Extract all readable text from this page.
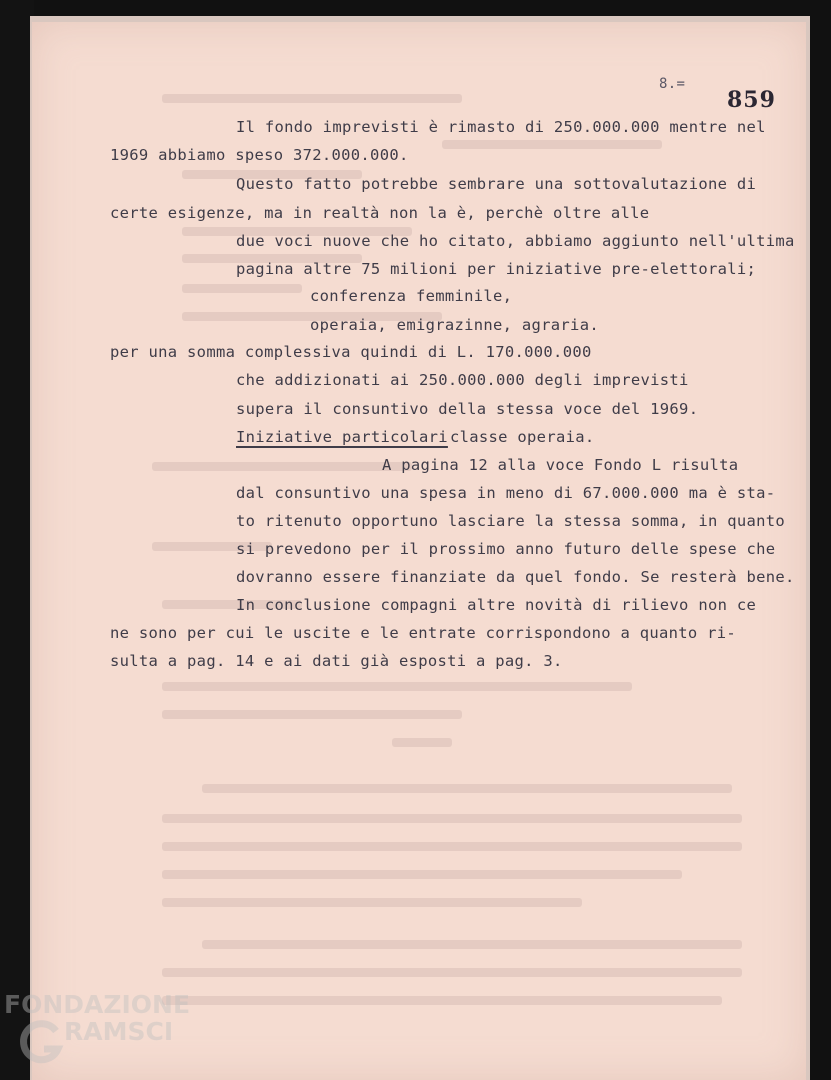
8.=
859
Il fondo imprevisti è rimasto di 250.000.000 mentre nel
1969 abbiamo speso 372.000.000.
Questo fatto potrebbe sembrare una sottovalutazione di
certe esigenze, ma in realtà non la è, perchè oltre alle
due voci nuove che ho citato, abbiamo aggiunto nell'ultima
pagina altre 75 milioni per iniziative pre-elettorali;
conferenza femminile,
operaia, emigrazinne, agraria.
per una somma complessiva quindi di L. 170.000.000
che addizionati ai 250.000.000 degli imprevisti
supera il consuntivo della stessa voce del 1969.
Iniziative particolari classe operaia.
A pagina 12 alla voce Fondo L risulta
dal consuntivo una spesa in meno di 67.000.000 ma è sta-
to ritenuto opportuno lasciare la stessa somma, in quanto
si prevedono per il prossimo anno futuro delle spese che
dovranno essere finanziate da quel fondo. Se resterà bene.
In conclusione compagni altre novità di rilievo non ce
ne sono per cui le uscite e le entrate corrispondono a quanto ri-
sulta a pag. 14 e ai dati già esposti a pag. 3.
FONDAZIONE
RAMSCI
